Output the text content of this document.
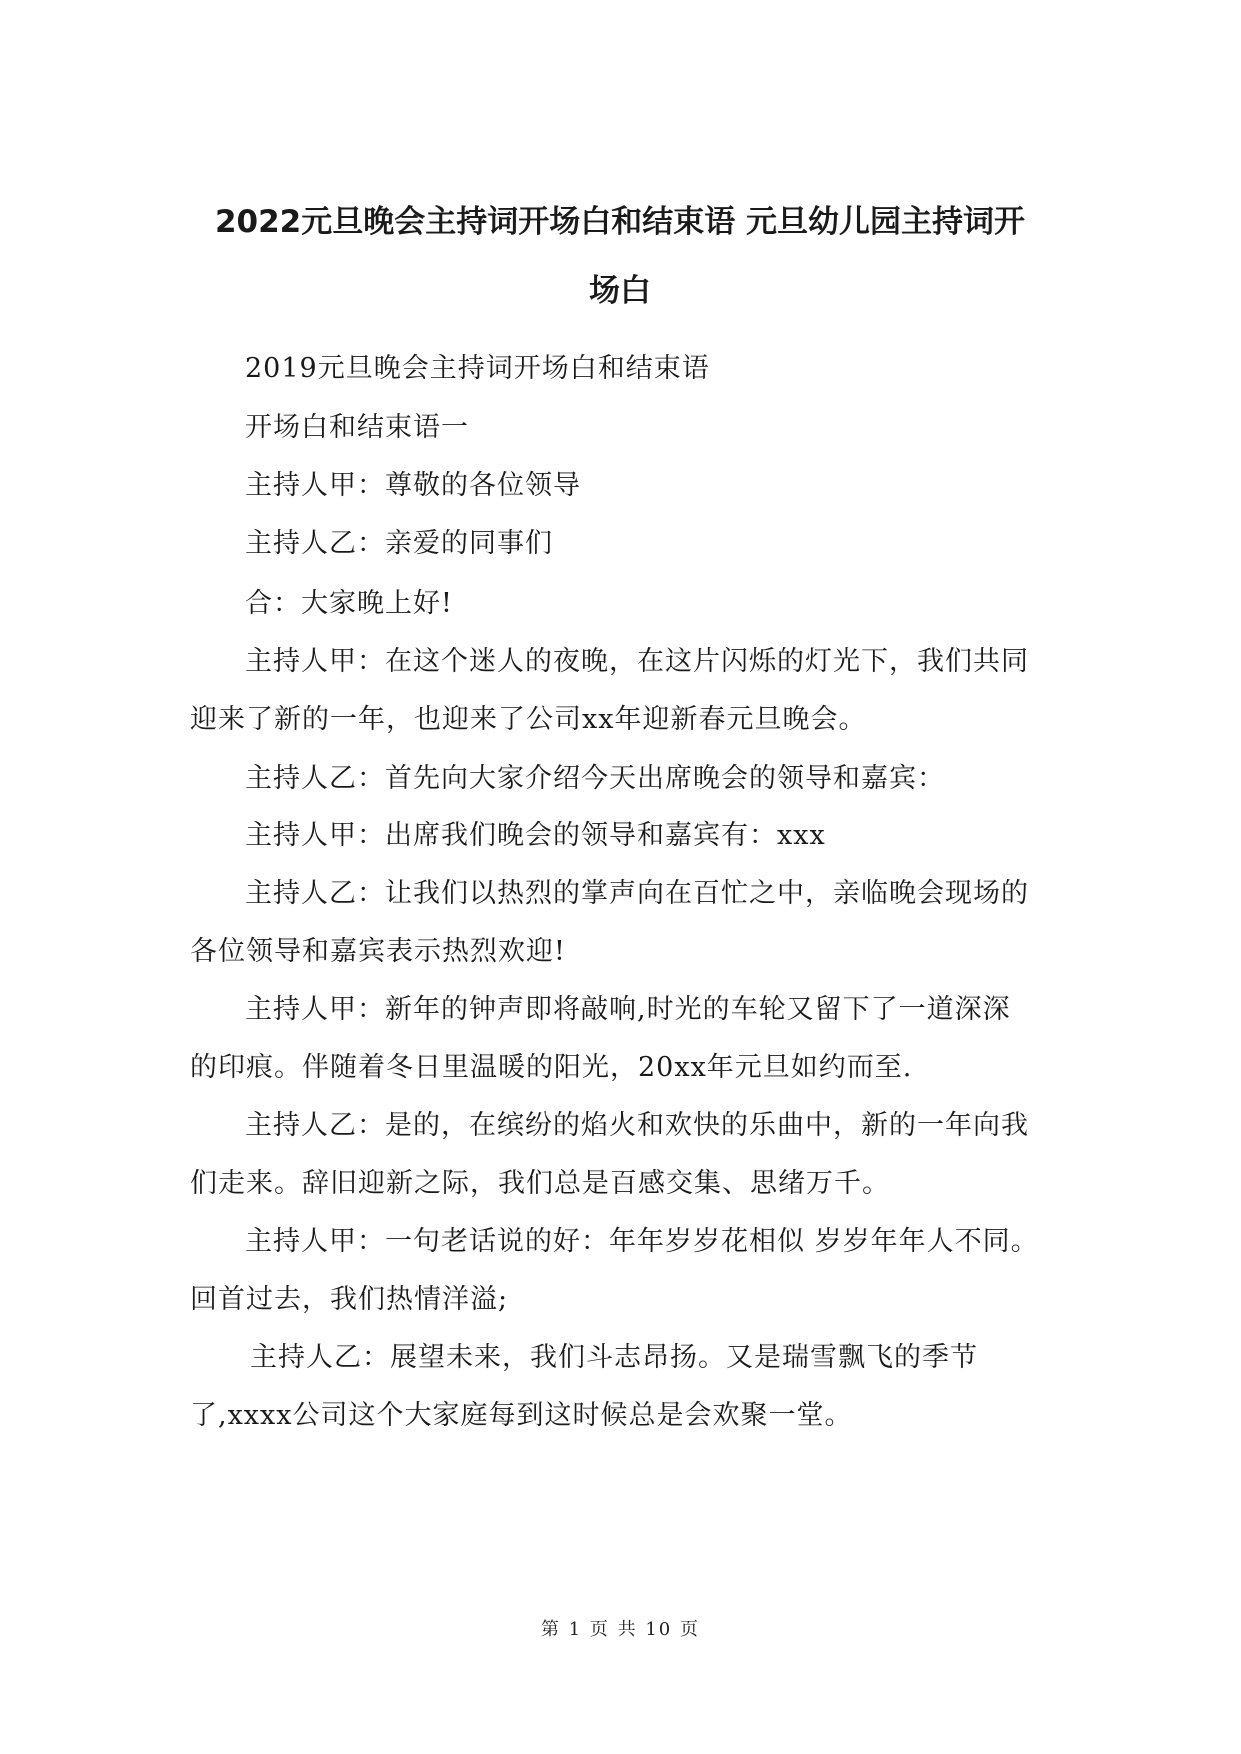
2022元旦晚会主持词开场白和结束语 元旦幼儿园主持词开
场白

2019元旦晚会主持词开场白和结束语

开场白和结束语一

主持人甲：尊敬的各位领导

主持人乙：亲爱的同事们

合：大家晚上好!

主持人甲：在这个迷人的夜晚，在这片闪烁的灯光下，我们共同

迎来了新的一年，也迎来了公司xx年迎新春元旦晚会。

主持人乙：首先向大家介绍今天出席晚会的领导和嘉宾：

主持人甲：出席我们晚会的领导和嘉宾有：xxx

主持人乙：让我们以热烈的掌声向在百忙之中，亲临晚会现场的

各位领导和嘉宾表示热烈欢迎!

主持人甲：新年的钟声即将敲响,时光的车轮又留下了一道深深

的印痕。伴随着冬日里温暖的阳光，20xx年元旦如约而至.

主持人乙：是的，在缤纷的焰火和欢快的乐曲中，新的一年向我

们走来。辞旧迎新之际，我们总是百感交集、思绪万千。

主持人甲：一句老话说的好：年年岁岁花相似 岁岁年年人不同。

回首过去，我们热情洋溢;

主持人乙：展望未来，我们斗志昂扬。又是瑞雪飘飞的季节

了,xxxx公司这个大家庭每到这时候总是会欢聚一堂。

第 1 页 共 10 页
